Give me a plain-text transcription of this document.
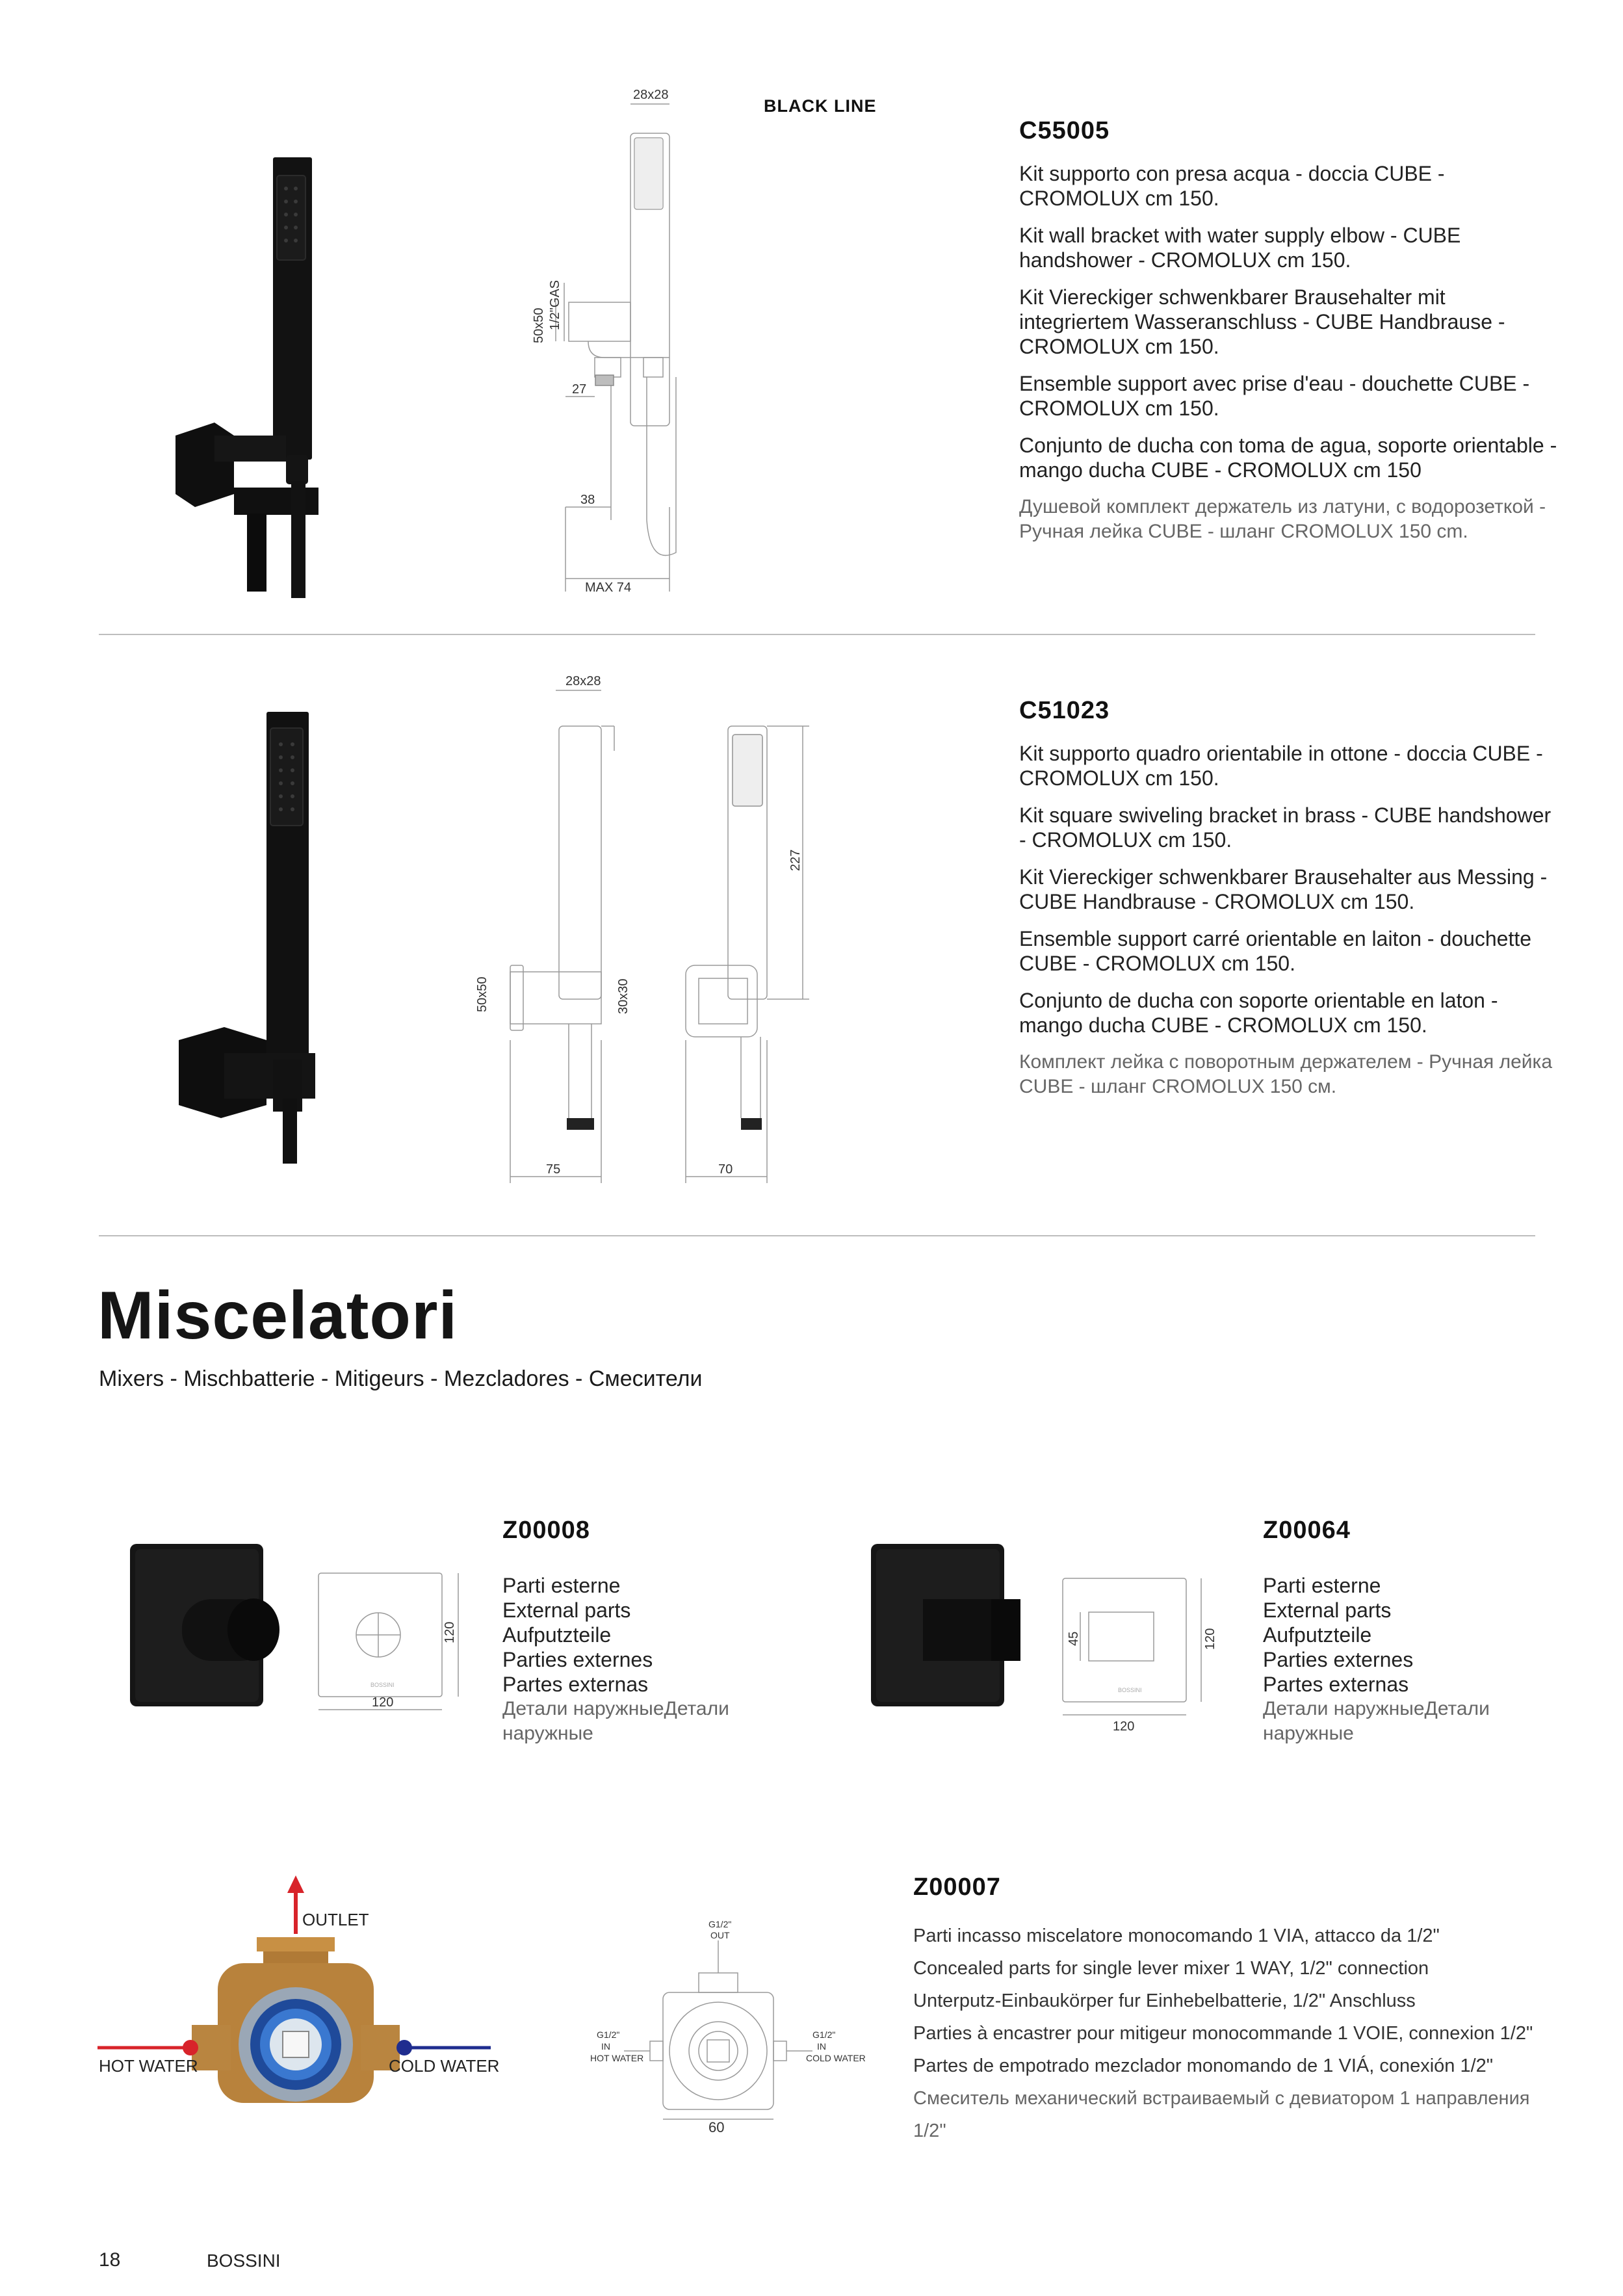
28x28
50x50 1/2"GAS
27
38
MAX 74
BLACK LINE
C55005

Kit supporto con presa acqua - doccia CUBE - CROMOLUX cm 150.

Kit wall bracket with water supply elbow - CUBE handshower - CROMOLUX cm 150.

Kit Viereckiger schwenkbarer Brausehalter mit integriertem Wasseranschluss - CUBE Handbrause - CROMOLUX cm 150.

Ensemble support avec prise d'eau - douchette CUBE - CROMOLUX cm 150.

Conjunto de ducha con toma de agua, soporte orientable - mango ducha CUBE - CROMOLUX cm 150

Душевой комплект держатель из латуни, с водорозеткой - Ручная лейка CUBE - шланг CROMOLUX 150 cm.

28x28
50x50	30x30
227
75	70
C51023

Kit supporto quadro orientabile in ottone - doccia CUBE - CROMOLUX cm 150.

Kit square swiveling bracket in brass - CUBE handshower - CROMOLUX cm 150.

Kit Viereckiger schwenkbarer Brausehalter aus Messing - CUBE Handbrause - CROMOLUX cm 150.

Ensemble support carré orientable en laiton - douchette CUBE - CROMOLUX cm 150.

Conjunto de ducha con soporte orientable en laton - mango ducha CUBE - CROMOLUX cm 150.

Комплект лейка с поворотным держателем - Ручная лейка CUBE - шланг CROMOLUX 150 см.

Miscelatori
Mixers - Mischbatterie - Mitigeurs - Mezcladores - Смесители
BOSSINI
120
120
Z00008
Parti esterne
External parts
Aufputzteile
Parties externes
Partes externas
Детали наружныеДетали наружные
BOSSINI
120
120
45
Z00064
Parti esterne
External parts
Aufputzteile
Parties externes
Partes externas
Детали наружныеДетали наружные
OUTLET
HOT WATER	COLD WATER
G1/2"
OUT
G1/2"
IN
HOT WATER
G1/2"
IN
COLD WATER
60
Z00007
Parti incasso miscelatore monocomando 1 VIA, attacco da 1/2"
Concealed parts for single lever mixer 1 WAY, 1/2" connection
Unterputz-Einbaukörper fur Einhebelbatterie, 1/2" Anschluss
Parties à encastrer pour mitigeur monocommande 1 VOIE, connexion 1/2"
Partes de empotrado mezclador monomando de 1 VIÁ, conexión 1/2"
Смеситель механический встраиваемый с девиатором 1 направления 1/2"
18	BOSSINI
